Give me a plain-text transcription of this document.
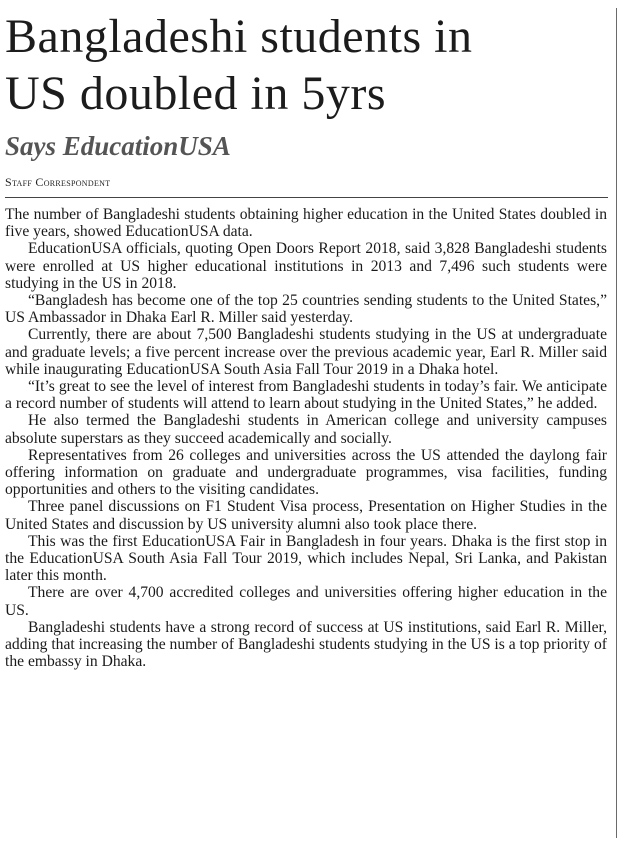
Bangladeshi students in
US doubled in 5yrs
Says EducationUSA
Staff Correspondent

The number of Bangladeshi students obtaining higher education in the United States doubled in five years, showed EducationUSA data.

EducationUSA officials, quoting Open Doors Report 2018, said 3,828 Bangladeshi students were enrolled at US higher educational institutions in 2013 and 7,496 such students were studying in the US in 2018.

“Bangladesh has become one of the top 25 countries sending students to the United States,” US Ambassador in Dhaka Earl R. Miller said yesterday.

Currently, there are about 7,500 Bangladeshi students studying in the US at undergraduate and graduate levels; a five percent increase over the previous academic year, Earl R. Miller said while inaugurating EducationUSA South Asia Fall Tour 2019 in a Dhaka hotel.

“It’s great to see the level of interest from Bangladeshi students in today’s fair. We anticipate a record number of students will attend to learn about studying in the United States,” he added.

He also termed the Bangladeshi students in American college and university campuses absolute superstars as they succeed academically and socially.

Representatives from 26 colleges and universities across the US attended the daylong fair offering information on graduate and undergraduate programmes, visa facilities, funding opportunities and others to the visiting candidates.

Three panel discussions on F1 Student Visa process, Presentation on Higher Studies in the United States and discussion by US university alumni also took place there.

This was the first EducationUSA Fair in Bangladesh in four years. Dhaka is the first stop in the EducationUSA South Asia Fall Tour 2019, which includes Nepal, Sri Lanka, and Pakistan later this month.

There are over 4,700 accredited colleges and universities offering higher education in the US.

Bangladeshi students have a strong record of success at US institutions, said Earl R. Miller, adding that increasing the number of Bangladeshi students studying in the US is a top priority of the embassy in Dhaka.
